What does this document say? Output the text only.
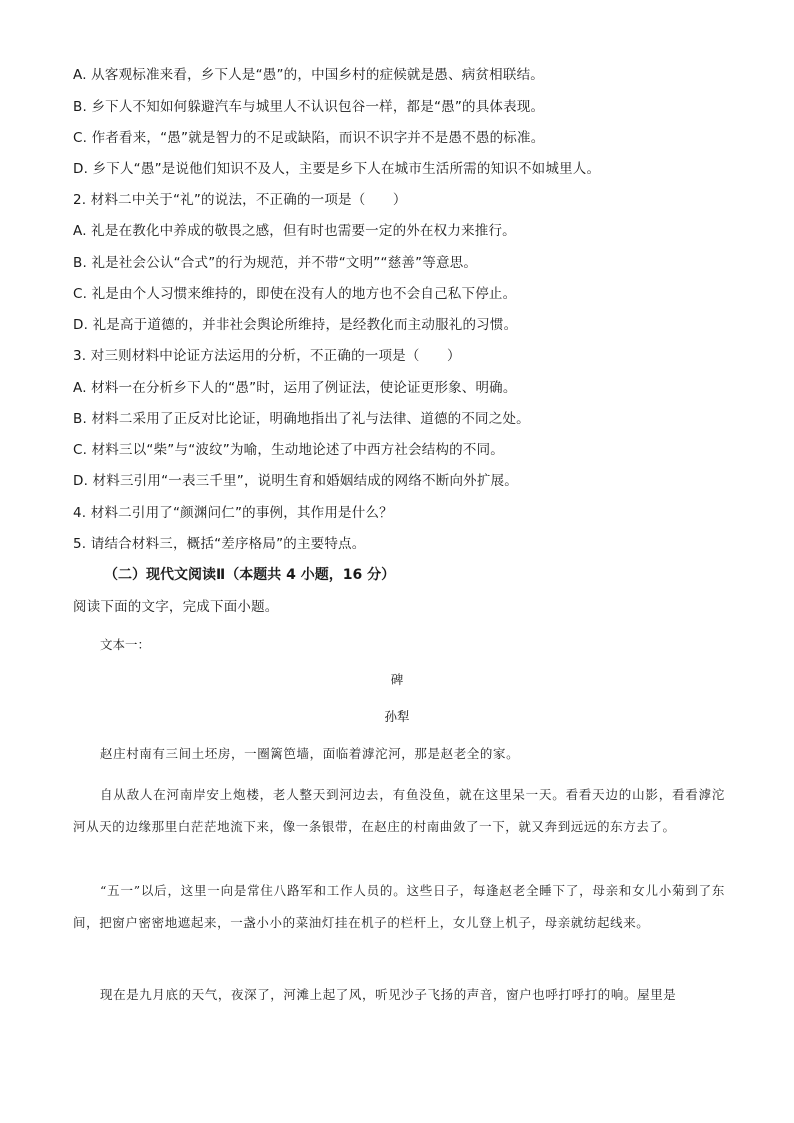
A. 从客观标准来看，乡下人是“愚”的，中国乡村的症候就是愚、病贫相联结。
B. 乡下人不知如何躲避汽车与城里人不认识包谷一样，都是“愚”的具体表现。
C. 作者看来，“愚”就是智力的不足或缺陷，而识不识字并不是愚不愚的标准。
D. 乡下人“愚”是说他们知识不及人，主要是乡下人在城市生活所需的知识不如城里人。
2. 材料二中关于“礼”的说法，不正确的一项是（　　）
A. 礼是在教化中养成的敬畏之感，但有时也需要一定的外在权力来推行。
B. 礼是社会公认“合式”的行为规范，并不带“文明”“慈善”等意思。
C. 礼是由个人习惯来维持的，即使在没有人的地方也不会自己私下停止。
D. 礼是高于道德的，并非社会舆论所维持，是经教化而主动服礼的习惯。
3. 对三则材料中论证方法运用的分析，不正确的一项是（　　）
A. 材料一在分析乡下人的“愚”时，运用了例证法，使论证更形象、明确。
B. 材料二采用了正反对比论证，明确地指出了礼与法律、道德的不同之处。
C. 材料三以“柴”与“波纹”为喻，生动地论述了中西方社会结构的不同。
D. 材料三引用“一表三千里”，说明生育和婚姻结成的网络不断向外扩展。
4. 材料二引用了“颜渊问仁”的事例，其作用是什么？
5. 请结合材料三，概括“差序格局”的主要特点。
（二）现代文阅读Ⅱ（本题共 4 小题，16 分）
阅读下面的文字，完成下面小题。
文本一：
碑
孙犁
赵庄村南有三间土坯房，一圈篱笆墙，面临着滹沱河，那是赵老全的家。
自从敌人在河南岸安上炮楼，老人整天到河边去，有鱼没鱼，就在这里呆一天。看看天边的山影，看看滹沱河从天的边缘那里白茫茫地流下来，像一条银带，在赵庄的村南曲敛了一下，就又奔到远远的东方去了。
“五一”以后，这里一向是常住八路军和工作人员的。这些日子，每逢赵老全睡下了，母亲和女儿小菊到了东间，把窗户密密地遮起来，一盏小小的菜油灯挂在机子的栏杆上，女儿登上机子，母亲就纺起线来。
现在是九月底的天气，夜深了，河滩上起了风，听见沙子飞扬的声音，窗户也呼打呼打的响。屋里是
